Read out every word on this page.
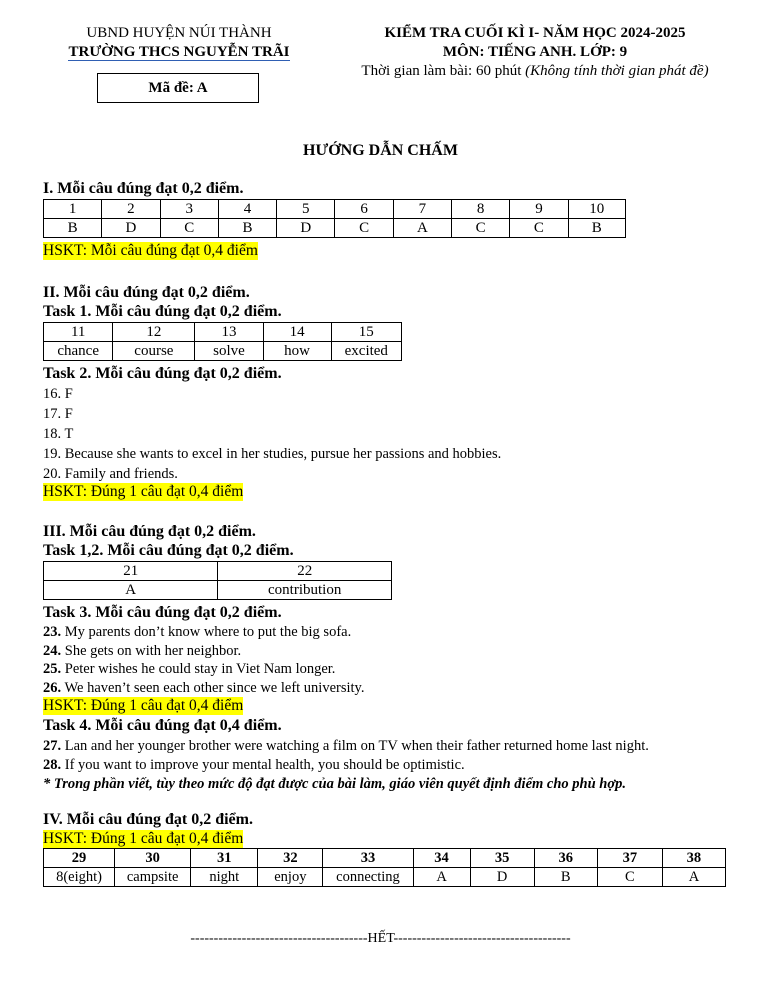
UBND HUYỆN NÚI THÀNH
TRƯỜNG THCS NGUYỄN TRÃI
Mã đề: A
KIỂM TRA CUỐI KÌ I- NĂM HỌC 2024-2025
MÔN: TIẾNG ANH. LỚP: 9
Thời gian làm bài: 60 phút (Không tính thời gian phát đề)
HƯỚNG DẪN CHẤM
I. Mỗi câu đúng đạt 0,2 điểm.
1	2	3	4	5	6	7	8	9	10
B	D	C	B	D	C	A	C	C	B
HSKT: Mỗi câu đúng đạt 0,4 điểm
II. Mỗi câu đúng đạt 0,2 điểm.
Task 1. Mỗi câu đúng đạt 0,2 điểm.
11	12	13	14	15
chance	course	solve	how	excited
Task 2. Mỗi câu đúng đạt 0,2 điểm.
16. F
17. F
18. T
19. Because she wants to excel in her studies, pursue her passions and hobbies.
20. Family and friends.
HSKT: Đúng 1 câu đạt 0,4 điểm
III. Mỗi câu đúng đạt 0,2 điểm.
Task 1,2. Mỗi câu đúng đạt 0,2 điểm.
21	22
A	contribution
Task 3. Mỗi câu đúng đạt 0,2 điểm.
23. My parents don’t know where to put the big sofa.
24. She gets on with her neighbor.
25. Peter wishes he could stay in Viet Nam longer.
26. We haven’t seen each other since we left university.
HSKT: Đúng 1 câu đạt 0,4 điểm
Task 4. Mỗi câu đúng đạt 0,4 điểm.
27. Lan and her younger brother were watching a film on TV when their father returned home last night.
28. If you want to improve your mental health, you should be optimistic.
* Trong phần viết, tùy theo mức độ đạt được của bài làm, giáo viên quyết định điểm cho phù hợp.
IV. Mỗi câu đúng đạt 0,2 điểm.
HSKT: Đúng 1 câu đạt 0,4 điểm
29	30	31	32	33	34	35	36	37	38
8(eight)	campsite	night	enjoy	connecting	A	D	B	C	A
--------------------------------------HẾT--------------------------------------
